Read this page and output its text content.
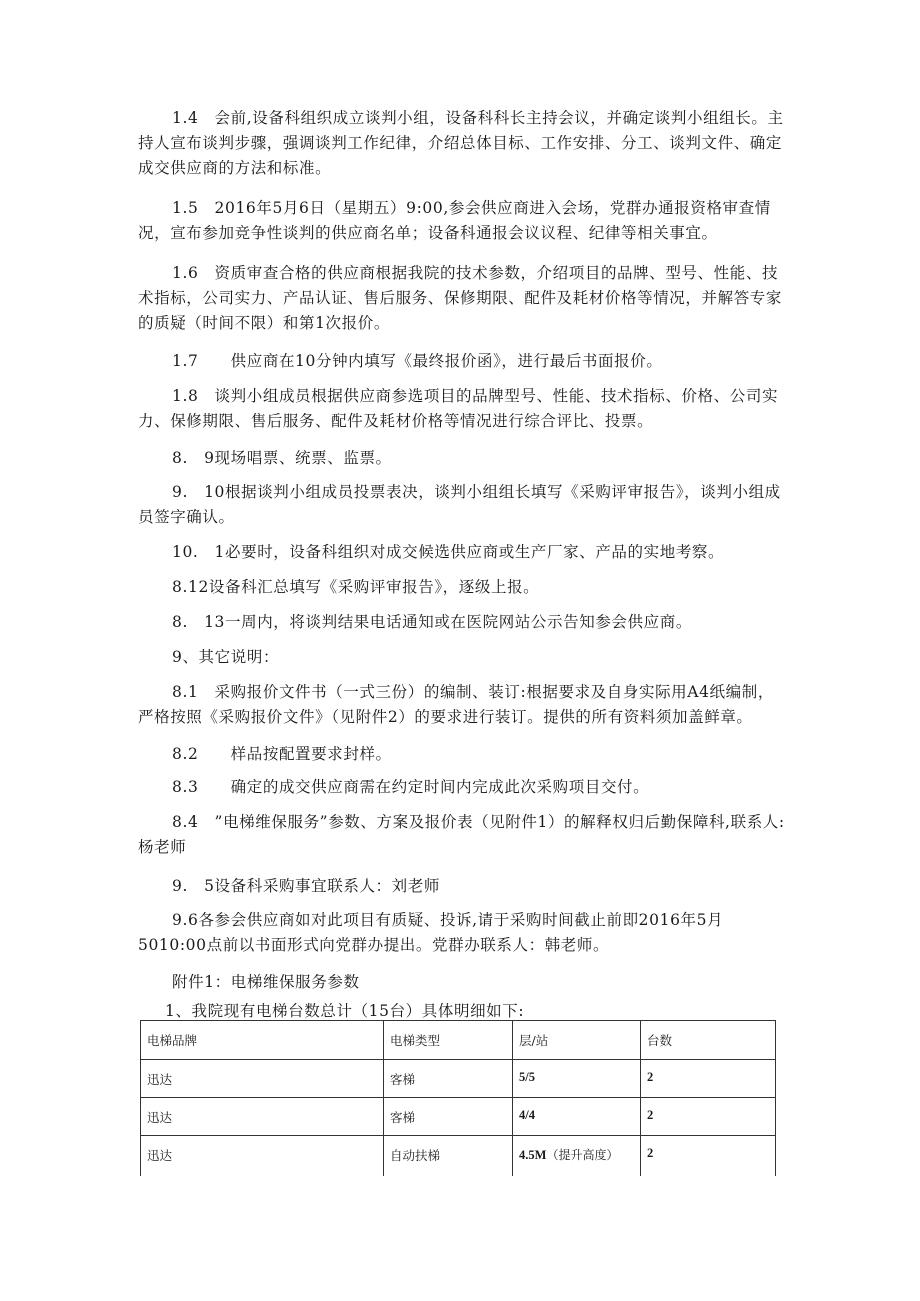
1.4　会前,设备科组织成立谈判小组，设备科科长主持会议，并确定谈判小组组长。主持人宣布谈判步骤，强调谈判工作纪律，介绍总体目标、工作安排、分工、谈判文件、确定成交供应商的方法和标准。

1.5　2016年5月6日（星期五）9:00,参会供应商进入会场，党群办通报资格审查情况，宣布参加竞争性谈判的供应商名单；设备科通报会议议程、纪律等相关事宜。

1.6　资质审查合格的供应商根据我院的技术参数，介绍项目的品牌、型号、性能、技术指标，公司实力、产品认证、售后服务、保修期限、配件及耗材价格等情况，并解答专家的质疑（时间不限）和第1次报价。

1.7　　供应商在10分钟内填写《最终报价函》，进行最后书面报价。

1.8　谈判小组成员根据供应商参选项目的品牌型号、性能、技术指标、价格、公司实力、保修期限、售后服务、配件及耗材价格等情况进行综合评比、投票。

8.　9现场唱票、统票、监票。

9.　10根据谈判小组成员投票表决，谈判小组组长填写《采购评审报告》，谈判小组成员签字确认。

10.　1必要时，设备科组织对成交候选供应商或生产厂家、产品的实地考察。

8.12设备科汇总填写《采购评审报告》，逐级上报。

8.　13一周内，将谈判结果电话通知或在医院网站公示告知参会供应商。

9、其它说明：

8.1　采购报价文件书（一式三份）的编制、装订:根据要求及自身实际用A4纸编制，严格按照《采购报价文件》（见附件2）的要求进行装订。提供的所有资料须加盖鲜章。

8.2　　样品按配置要求封样。

8.3　　确定的成交供应商需在约定时间内完成此次采购项目交付。

8.4　”电梯维保服务”参数、方案及报价表（见附件1）的解释权归后勤保障科,联系人:杨老师

9.　5设备科采购事宜联系人：刘老师

9.6各参会供应商如对此项目有质疑、投诉,请于采购时间截止前即2016年5月5010:00点前以书面形式向党群办提出。党群办联系人：韩老师。

附件1：电梯维保服务参数
1、我院现有电梯台数总计（15台）具体明细如下:
电梯品牌	电梯类型	层/站	台数
迅达	客梯	5/5	2
迅达	客梯	4/4	2
迅达	自动扶梯	4.5M（提升高度）	2
